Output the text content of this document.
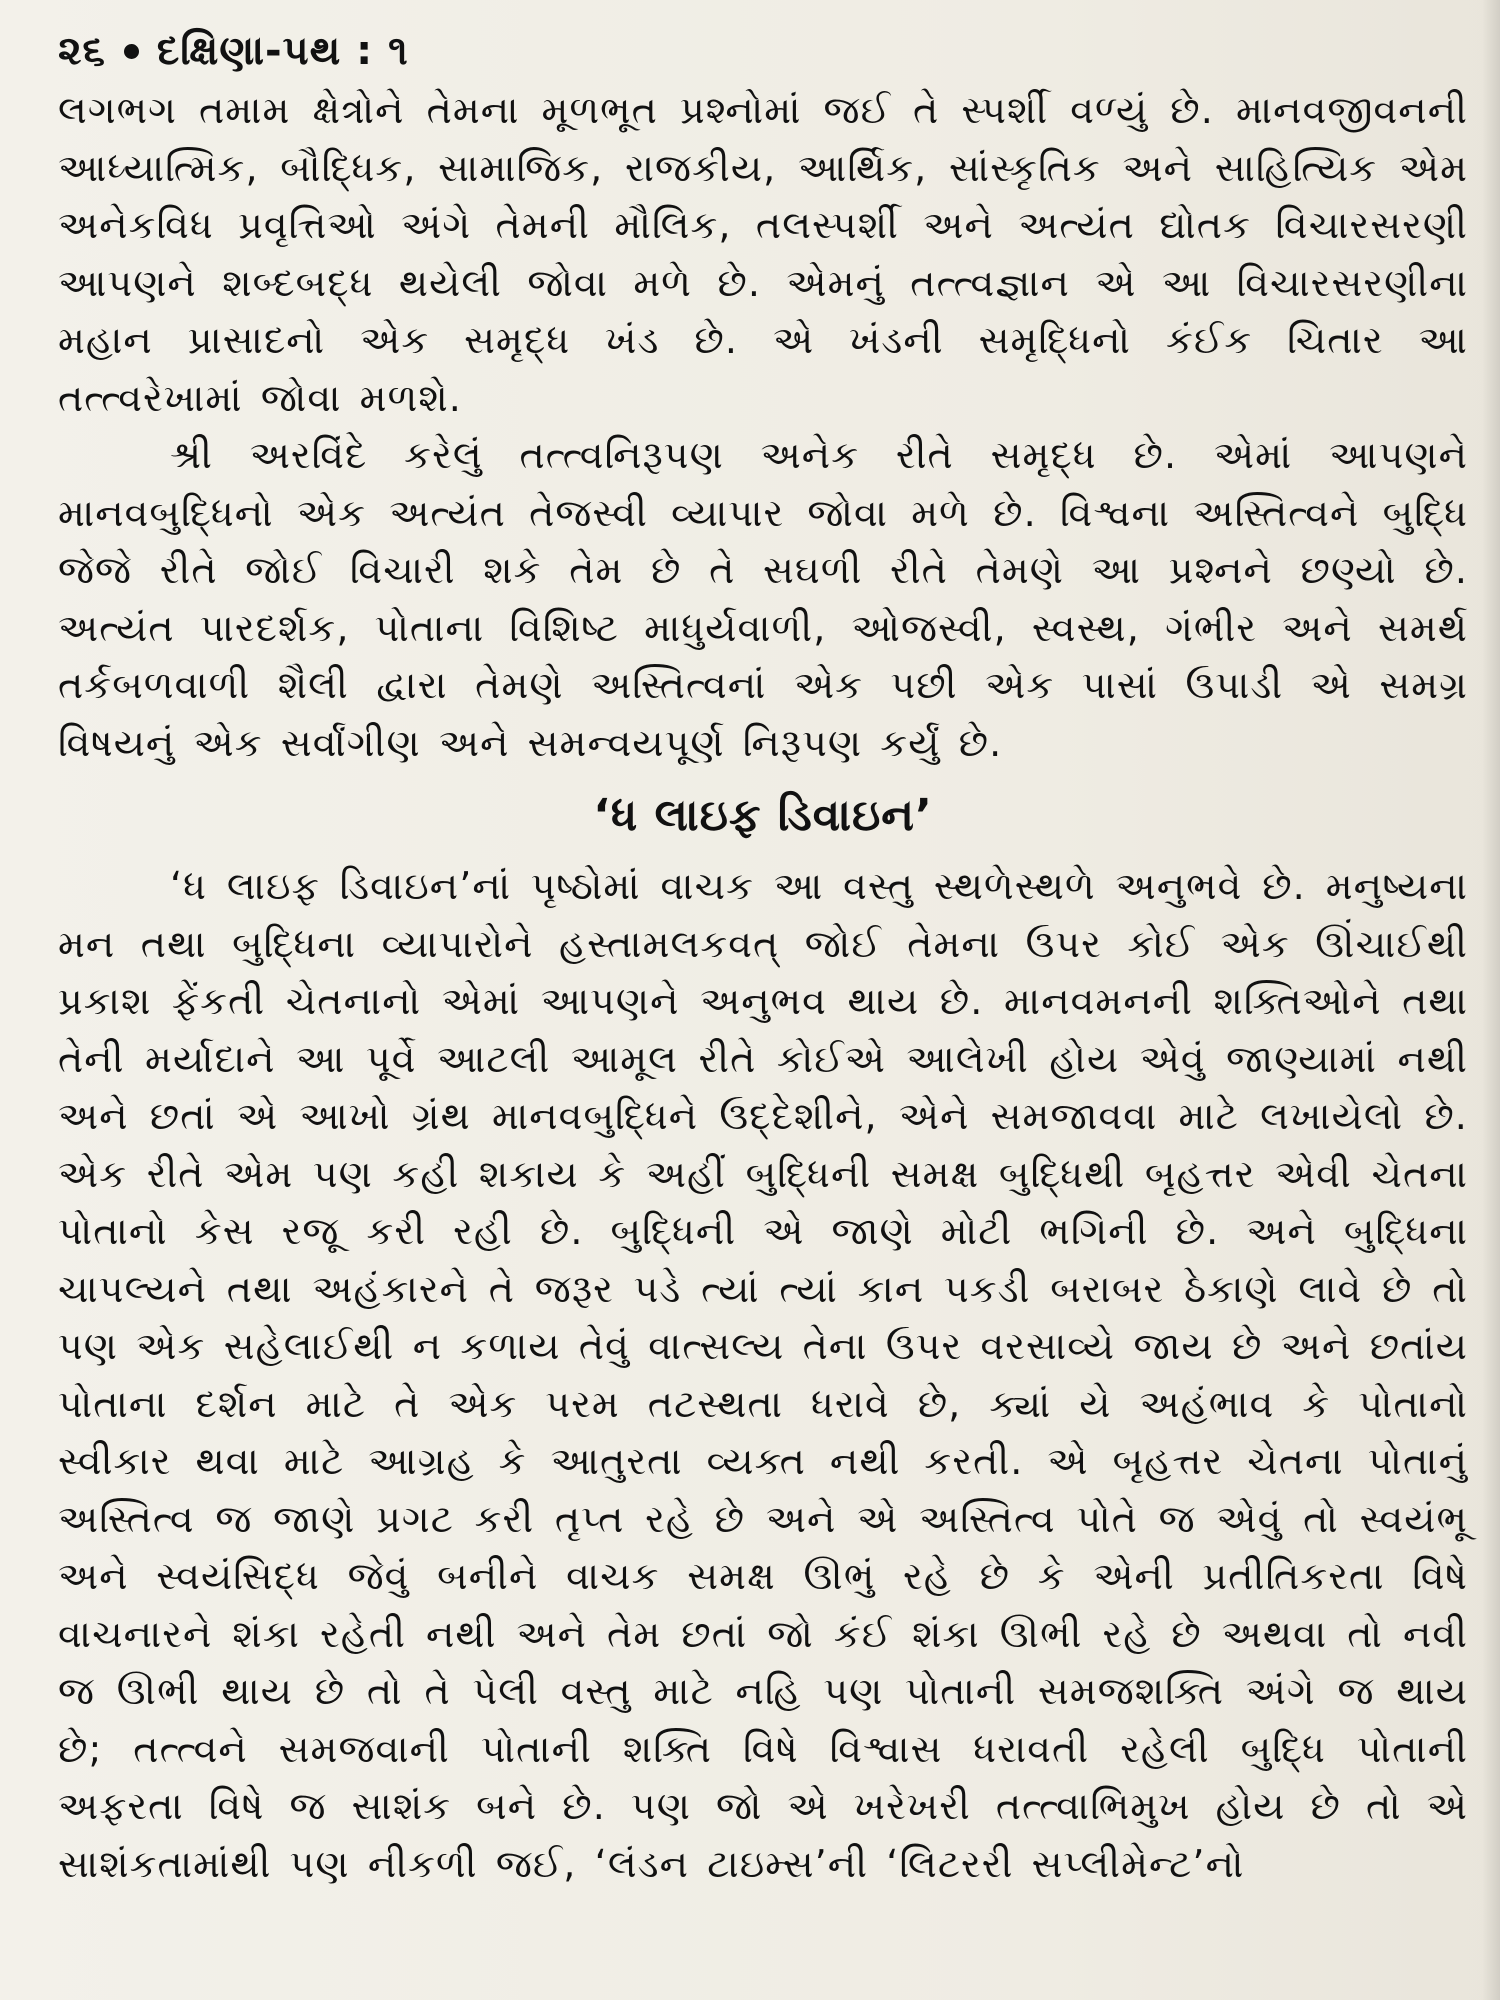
૨૬ દક્ષિણા-પથ : ૧

લગભગ તમામ ક્ષેત્રોને તેમના મૂળભૂત પ્રશ્નોમાં જઈ તે સ્પર્શી વળ્યું છે. માનવજીવનની આધ્યાત્મિક, બૌદ્ધિક, સામાજિક, રાજકીય, આર્થિક, સાંસ્કૃતિક અને સાહિત્યિક એમ અનેકવિધ પ્રવૃત્તિઓ અંગે તેમની મૌલિક, તલસ્પર્શી અને અત્યંત દ્યોતક વિચારસરણી આપણને શબ્દબદ્ધ થયેલી જોવા મળે છે. એમનું તત્ત્વજ્ઞાન એ આ વિચારસરણીના મહાન પ્રાસાદનો એક સમૃદ્ધ ખંડ છે. એ ખંડની સમૃદ્ધિનો કંઈક ચિતાર આ તત્ત્વરેખામાં જોવા મળશે.

શ્રી અરવિંદે કરેલું તત્ત્વનિરૂપણ અનેક રીતે સમૃદ્ધ છે. એમાં આપણને માનવબુદ્ધિનો એક અત્યંત તેજસ્વી વ્યાપાર જોવા મળે છે. વિશ્વના અસ્તિત્વને બુદ્ધિ જેજે રીતે જોઈ વિચારી શકે તેમ છે તે સઘળી રીતે તેમણે આ પ્રશ્નને છણ્યો છે. અત્યંત પારદર્શક, પોતાના વિશિષ્ટ માધુર્યવાળી, ઓજસ્વી, સ્વસ્થ, ગંભીર અને સમર્થ તર્કબળવાળી શૈલી દ્વારા તેમણે અસ્તિત્વનાં એક પછી એક પાસાં ઉપાડી એ સમગ્ર વિષયનું એક સર્વાંગીણ અને સમન્વયપૂર્ણ નિરૂપણ કર્યું છે.

‘ધ લાઇફ ડિવાઇન’

‘ધ લાઇફ ડિવાઇન’નાં પૃષ્ઠોમાં વાચક આ વસ્તુ સ્થળેસ્થળે અનુભવે છે. મનુષ્યના મન તથા બુદ્ધિના વ્યાપારોને હસ્તામલકવત્ જોઈ તેમના ઉપર કોઈ એક ઊંચાઈથી પ્રકાશ ફેંકતી ચેતનાનો એમાં આપણને અનુભવ થાય છે. માનવમનની શક્તિઓને તથા તેની મર્યાદાને આ પૂર્વે આટલી આમૂલ રીતે કોઈએ આલેખી હોય એવું જાણ્યામાં નથી અને છતાં એ આખો ગ્રંથ માનવબુદ્ધિને ઉદ્દેશીને, એને સમજાવવા માટે લખાયેલો છે. એક રીતે એમ પણ કહી શકાય કે અહીં બુદ્ધિની સમક્ષ બુદ્ધિથી બૃહત્તર એવી ચેતના પોતાનો કેસ રજૂ કરી રહી છે. બુદ્ધિની એ જાણે મોટી ભગિની છે. અને બુદ્ધિના ચાપલ્યને તથા અહંકારને તે જરૂર પડે ત્યાં ત્યાં કાન પકડી બરાબર ઠેકાણે લાવે છે તો પણ એક સહેલાઈથી ન કળાય તેવું વાત્સલ્ય તેના ઉપર વરસાવ્યે જાય છે અને છતાંય પોતાના દર્શન માટે તે એક પરમ તટસ્થતા ધરાવે છે, ક્યાં યે અહંભાવ કે પોતાનો સ્વીકાર થવા માટે આગ્રહ કે આતુરતા વ્યક્ત નથી કરતી. એ બૃહત્તર ચેતના પોતાનું અસ્તિત્વ જ જાણે પ્રગટ કરી તૃપ્ત રહે છે અને એ અસ્તિત્વ પોતે જ એવું તો સ્વયંભૂ અને સ્વયંસિદ્ધ જેવું બનીને વાચક સમક્ષ ઊભું રહે છે કે એની પ્રતીતિકરતા વિષે વાચનારને શંકા રહેતી નથી અને તેમ છતાં જો કંઈ શંકા ઊભી રહે છે અથવા તો નવી જ ઊભી થાય છે તો તે પેલી વસ્તુ માટે નહિ પણ પોતાની સમજશક્તિ અંગે જ થાય છે; તત્ત્વને સમજવાની પોતાની શક્તિ વિષે વિશ્વાસ ધરાવતી રહેલી બુદ્ધિ પોતાની અફરતા વિષે જ સાશંક બને છે. પણ જો એ ખરેખરી તત્ત્વાભિમુખ હોય છે તો એ સાશંકતામાંથી પણ નીકળી જઈ, ‘લંડન ટાઇમ્સ’ની ‘લિટરરી સપ્લીમેન્ટ’નો
